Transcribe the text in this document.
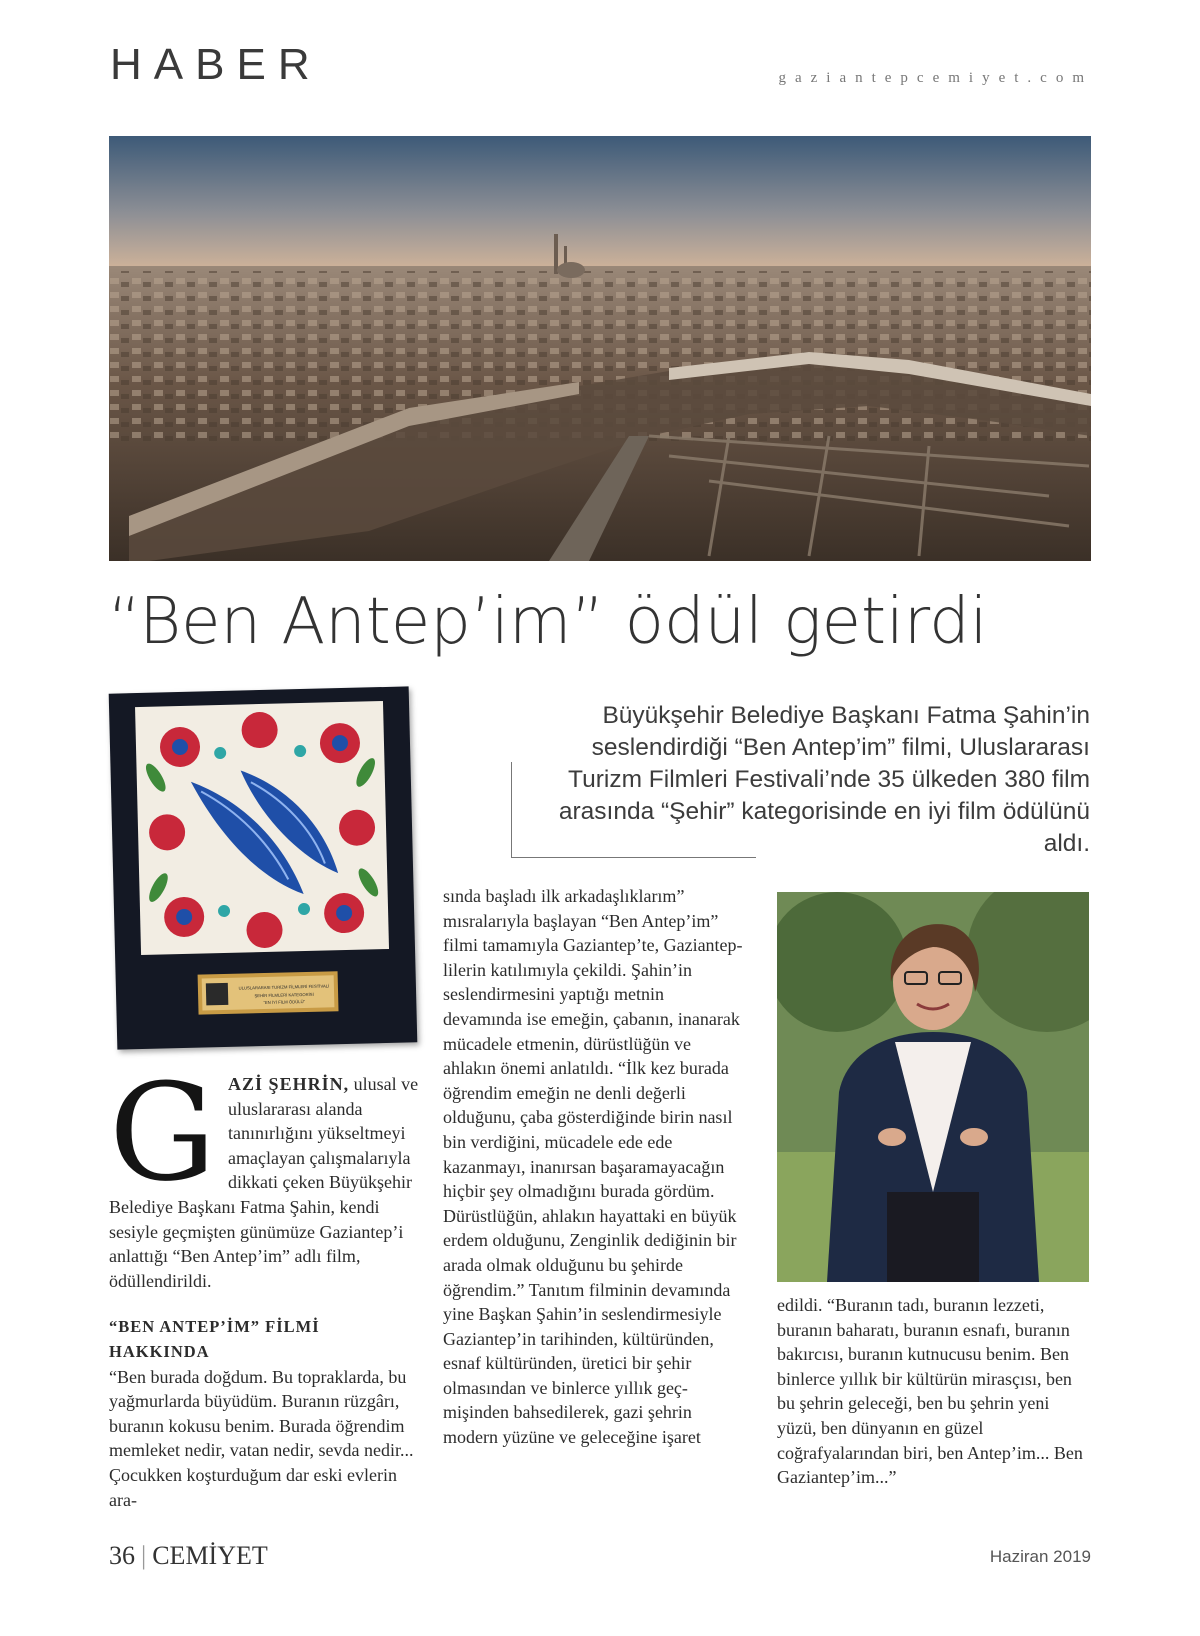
HABER	gaziantepcemiyet.com
“Ben Antep’im” ödül getirdi
ULUSLARARASI TURİZM FİLMLERİ FESTİVALİ
ŞEHİR FİLMLERİ KATEGORİSİ
“EN İYİ FİLM ÖDÜLÜ”
Büyükşehir Belediye Başkanı Fatma Şahin’in seslendirdiği “Ben Antep’im” filmi, Uluslararası Turizm Filmleri Festivali’nde 35 ülkeden 380 film arasında “Şehir” kategorisinde en iyi film ödülünü aldı.
G AZİ ŞEHRİN, ulusal ve uluslararası alanda tanınırlığını yükseltmeyi amaçlayan çalışmalarıyla dikkati çeken Büyükşehir Belediye Başkanı Fatma Şahin, kendi sesiyle geçmişten günümüze Gaziantep’i anlattığı “Ben Antep’im” adlı film, ödüllendirildi.
“BEN ANTEP’İM” FİLMİ HAKKINDA
“Ben burada doğdum. Bu topraklarda, bu yağmurlarda büyüdüm. Buranın rüzgârı, buranın kokusu benim. Burada öğrendim memleket nedir, vatan nedir, sevda nedir... Çocukken koşturduğum dar eski evlerin ara-
sında başladı ilk arkadaşlıklarım” mısralarıyla başlayan “Ben Antep’im” filmi tamamıyla Gaziantep’te, Gazianteplilerin katılımıyla çekildi. Şahin’in seslendirmesini yaptığı metnin devamında ise emeğin, çabanın, inanarak mücadele etmenin, dürüstlüğün ve ahlakın önemi anlatıldı. “İlk kez burada öğrendim emeğin ne denli değerli olduğunu, çaba gösterdiğinde birin nasıl bin verdiğini, mücadele ede ede kazanmayı, inanırsan başaramayacağın hiçbir şey olmadığını burada gördüm. Dürüstlüğün, ahlakın hayattaki en büyük erdem olduğunu, Zenginlik dediğinin bir arada olmak olduğunu bu şehirde öğrendim.” Tanıtım filminin devamında yine Başkan Şahin’in seslendirmesiyle Gaziantep’in tarihinden, kültüründen, esnaf kültüründen, üretici bir şehir olmasından ve binlerce yıllık geçmişinden bahsedilerek, gazi şehrin modern yüzüne ve geleceğine işaret
edildi. “Buranın tadı, buranın lezzeti, buranın baharatı, buranın esnafı, buranın bakırcısı, buranın kutnucusu benim. Ben binlerce yıllık bir kültürün mirasçısı, ben bu şehrin geleceği, ben bu şehrin yeni yüzü, ben dünyanın en güzel coğrafyalarından biri, ben Antep’im... Ben Gaziantep’im...”
36 | CEMİYET	Haziran 2019
